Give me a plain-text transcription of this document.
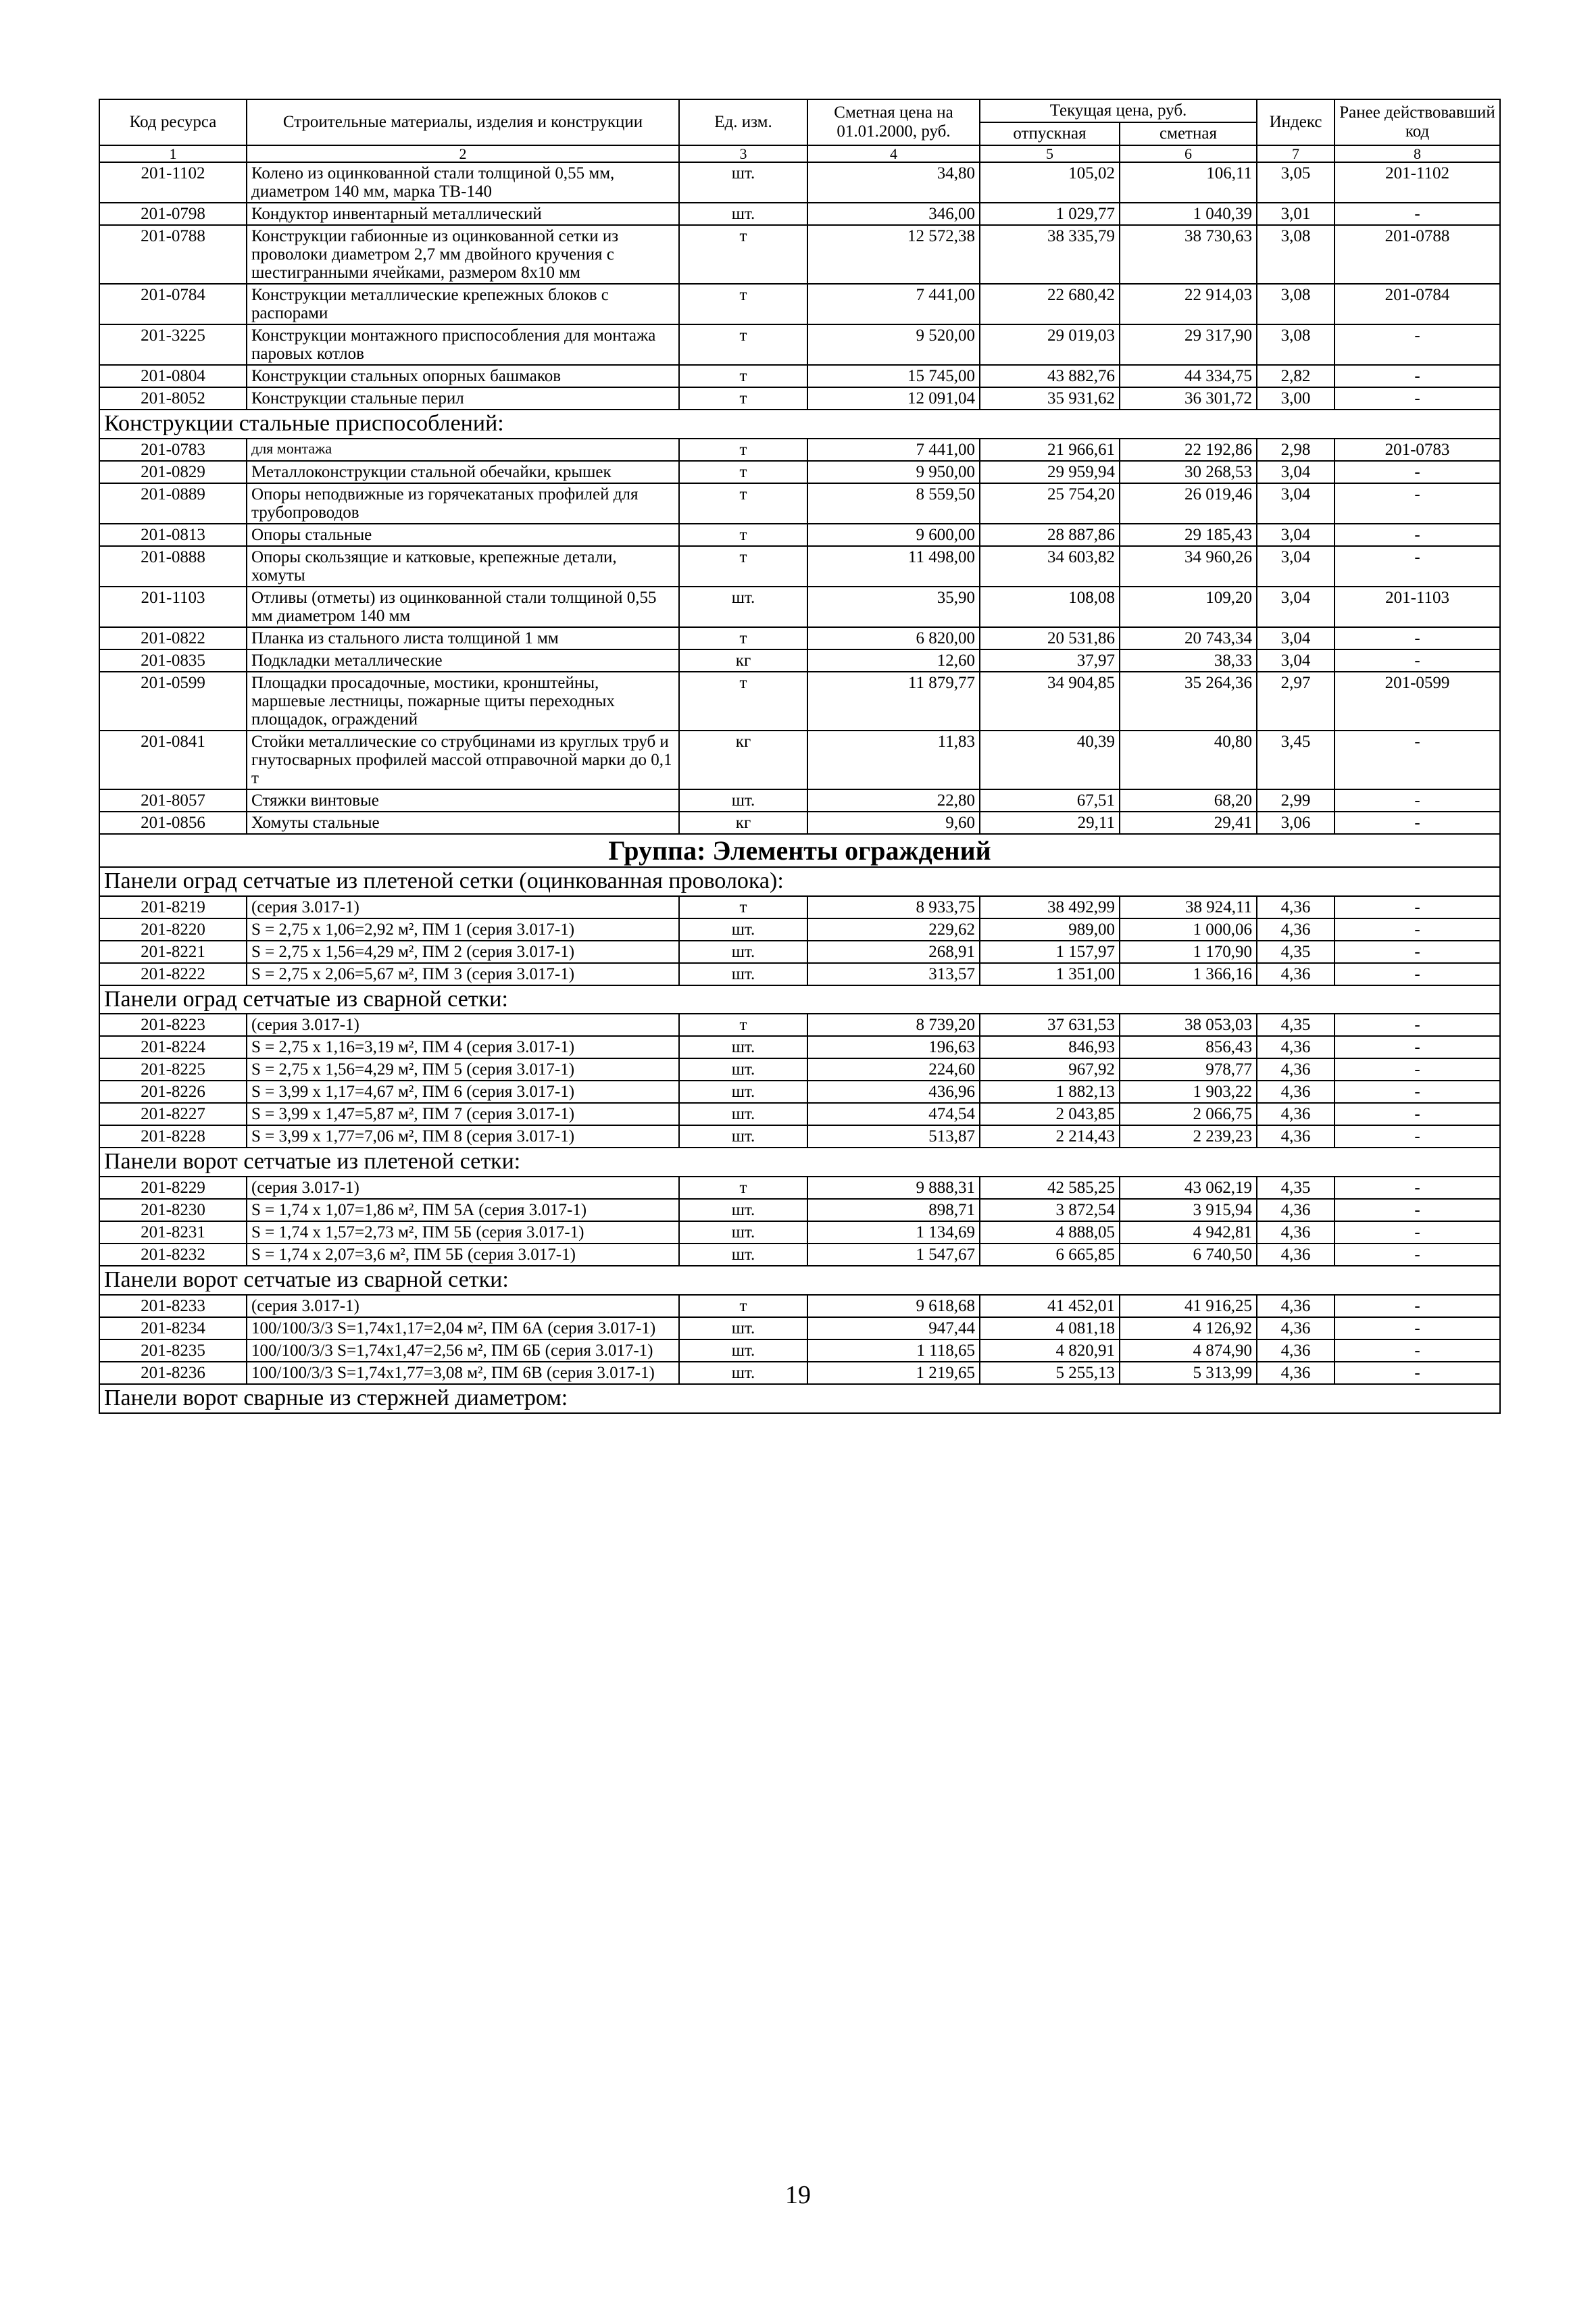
Код ресурса	Строительные материалы, изделия и конструкции	Ед. изм.	Сметная цена на 01.01.2000, руб.	Текущая цена, руб.		Индекс	Ранее действовавший код
				отпускная	сметная		
1	2	3	4	5	6	7	8
201-1102	Колено из оцинкованной стали толщиной 0,55 мм, диаметром 140 мм, марка ТВ-140	шт.	34,80	105,02	106,11	3,05	201-1102
201-0798	Кондуктор инвентарный металлический	шт.	346,00	1 029,77	1 040,39	3,01	-
201-0788	Конструкции габионные из оцинкованной сетки из проволоки диаметром 2,7 мм двойного кручения с шестигранными ячейками, размером 8x10 мм	т	12 572,38	38 335,79	38 730,63	3,08	201-0788
201-0784	Конструкции металлические крепежных блоков с распорами	т	7 441,00	22 680,42	22 914,03	3,08	201-0784
201-3225	Конструкции монтажного приспособления для монтажа паровых котлов	т	9 520,00	29 019,03	29 317,90	3,08	-
201-0804	Конструкции стальных опорных башмаков	т	15 745,00	43 882,76	44 334,75	2,82	-
201-8052	Конструкции стальные перил	т	12 091,04	35 931,62	36 301,72	3,00	-
Конструкции стальные приспособлений:							
201-0783	для монтажа	т	7 441,00	21 966,61	22 192,86	2,98	201-0783
201-0829	Металлоконструкции стальной обечайки, крышек	т	9 950,00	29 959,94	30 268,53	3,04	-
201-0889	Опоры неподвижные из горячекатаных профилей для трубопроводов	т	8 559,50	25 754,20	26 019,46	3,04	-
201-0813	Опоры стальные	т	9 600,00	28 887,86	29 185,43	3,04	-
201-0888	Опоры скользящие и катковые, крепежные детали, хомуты	т	11 498,00	34 603,82	34 960,26	3,04	-
201-1103	Отливы (отметы) из оцинкованной стали толщиной 0,55 мм диаметром 140 мм	шт.	35,90	108,08	109,20	3,04	201-1103
201-0822	Планка из стального листа толщиной 1 мм	т	6 820,00	20 531,86	20 743,34	3,04	-
201-0835	Подкладки металлические	кг	12,60	37,97	38,33	3,04	-
201-0599	Площадки просадочные, мостики, кронштейны, маршевые лестницы, пожарные щиты переходных площадок, ограждений	т	11 879,77	34 904,85	35 264,36	2,97	201-0599
201-0841	Стойки металлические со струбцинами из круглых труб и гнутосварных профилей массой отправочной марки до 0,1 т	кг	11,83	40,39	40,80	3,45	-
201-8057	Стяжки винтовые	шт.	22,80	67,51	68,20	2,99	-
201-0856	Хомуты стальные	кг	9,60	29,11	29,41	3,06	-
Группа: Элементы ограждений							
Панели оград сетчатые из плетеной сетки (оцинкованная проволока):							
201-8219	(серия 3.017-1)	т	8 933,75	38 492,99	38 924,11	4,36	-
201-8220	S = 2,75 x 1,06=2,92 м², ПМ 1 (серия 3.017-1)	шт.	229,62	989,00	1 000,06	4,36	-
201-8221	S = 2,75 x 1,56=4,29 м², ПМ 2 (серия 3.017-1)	шт.	268,91	1 157,97	1 170,90	4,35	-
201-8222	S = 2,75 x 2,06=5,67 м², ПМ 3 (серия 3.017-1)	шт.	313,57	1 351,00	1 366,16	4,36	-
Панели оград сетчатые из сварной сетки:							
201-8223	(серия 3.017-1)	т	8 739,20	37 631,53	38 053,03	4,35	-
201-8224	S = 2,75 x 1,16=3,19 м², ПМ 4 (серия 3.017-1)	шт.	196,63	846,93	856,43	4,36	-
201-8225	S = 2,75 x 1,56=4,29 м², ПМ 5 (серия 3.017-1)	шт.	224,60	967,92	978,77	4,36	-
201-8226	S = 3,99 x 1,17=4,67 м², ПМ 6 (серия 3.017-1)	шт.	436,96	1 882,13	1 903,22	4,36	-
201-8227	S = 3,99 x 1,47=5,87 м², ПМ 7 (серия 3.017-1)	шт.	474,54	2 043,85	2 066,75	4,36	-
201-8228	S = 3,99 x 1,77=7,06 м², ПМ 8 (серия 3.017-1)	шт.	513,87	2 214,43	2 239,23	4,36	-
Панели ворот сетчатые из плетеной сетки:							
201-8229	(серия 3.017-1)	т	9 888,31	42 585,25	43 062,19	4,35	-
201-8230	S = 1,74 x 1,07=1,86 м², ПМ 5А (серия 3.017-1)	шт.	898,71	3 872,54	3 915,94	4,36	-
201-8231	S = 1,74 x 1,57=2,73 м², ПМ 5Б (серия 3.017-1)	шт.	1 134,69	4 888,05	4 942,81	4,36	-
201-8232	S = 1,74 x 2,07=3,6 м², ПМ 5Б (серия 3.017-1)	шт.	1 547,67	6 665,85	6 740,50	4,36	-
Панели ворот сетчатые из сварной сетки:							
201-8233	(серия 3.017-1)	т	9 618,68	41 452,01	41 916,25	4,36	-
201-8234	100/100/3/3 S=1,74x1,17=2,04 м², ПМ 6А (серия 3.017-1)	шт.	947,44	4 081,18	4 126,92	4,36	-
201-8235	100/100/3/3 S=1,74x1,47=2,56 м², ПМ 6Б (серия 3.017-1)	шт.	1 118,65	4 820,91	4 874,90	4,36	-
201-8236	100/100/3/3 S=1,74x1,77=3,08 м², ПМ 6В (серия 3.017-1)	шт.	1 219,65	5 255,13	5 313,99	4,36	-
Панели ворот сварные из стержней диаметром:							
19
